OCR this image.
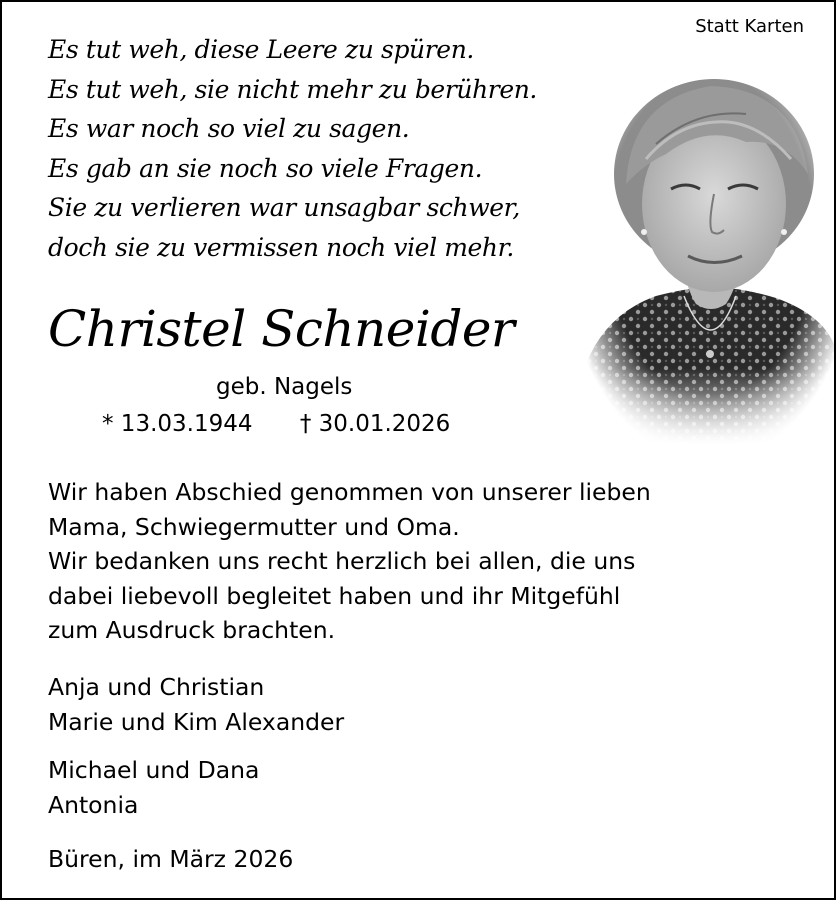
Statt Karten
Es tut weh, diese Leere zu spüren.
Es tut weh, sie nicht mehr zu berühren.
Es war noch so viel zu sagen.
Es gab an sie noch so viele Fragen.
Sie zu verlieren war unsagbar schwer,
doch sie zu vermissen noch viel mehr.
Christel Schneider
geb. Nagels
* 13.03.1944 † 30.01.2026
Wir haben Abschied genommen von unserer lieben
Mama, Schwiegermutter und Oma.
Wir bedanken uns recht herzlich bei allen, die uns
dabei liebevoll begleitet haben und ihr Mitgefühl
zum Ausdruck brachten.
Anja und Christian
Marie und Kim Alexander
Michael und Dana
Antonia
Büren, im März 2026
